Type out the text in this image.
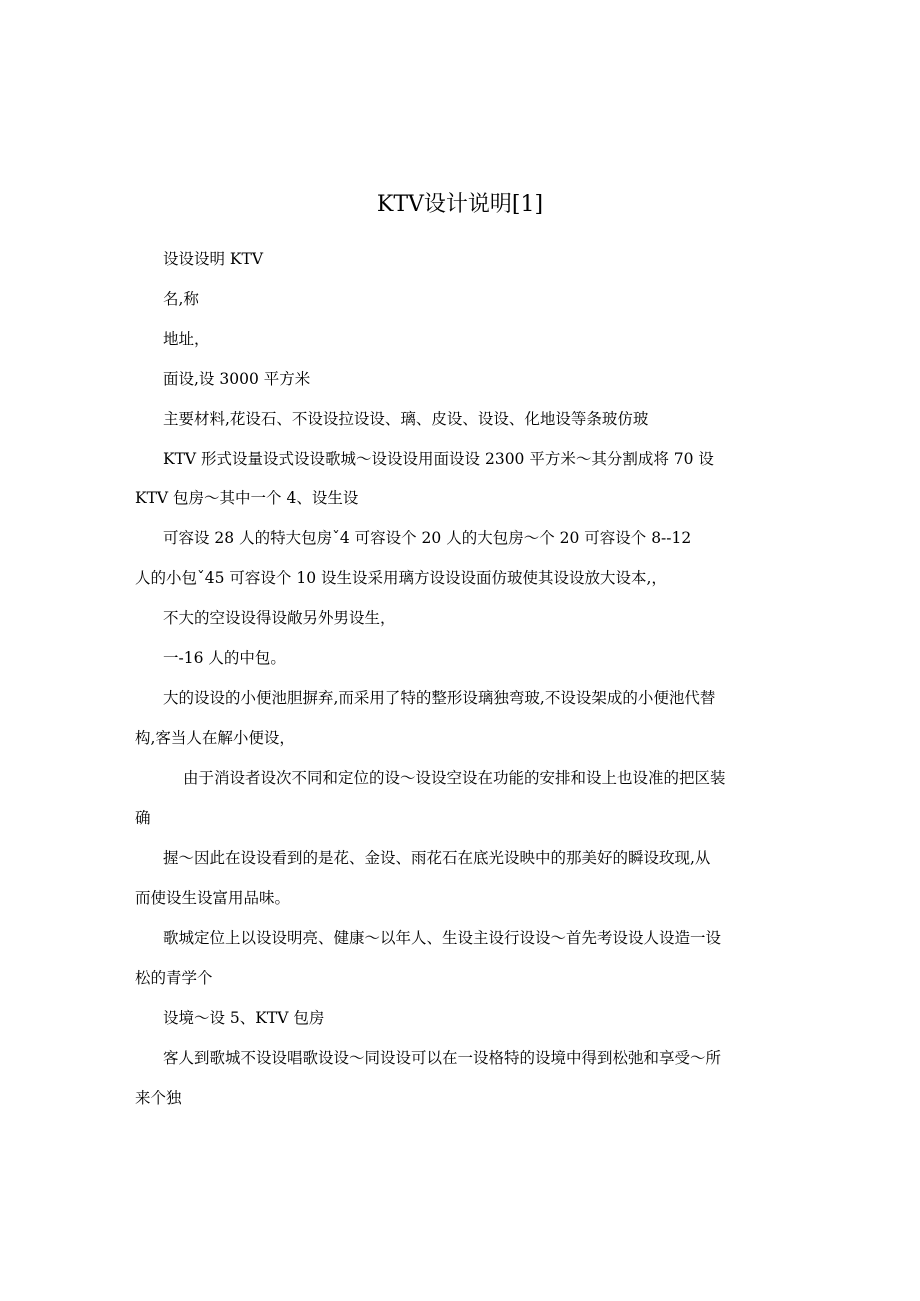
KTV设计说明[1]
设设设明 KTV
名,称
地址，
面设,设 3000 平方米
主要材料,花设石、不设设拉设设、璃、皮设、设设、化地设等条玻仿玻
KTV 形式设量设式设设歌城～设设设用面设设 2300 平方米～其分割成将 70 设
KTV 包房～其中一个 4、设生设
可容设 28 人的特大包房ˇ4 可容设个 20 人的大包房～个 20 可容设个 8--12
人的小包ˇ45 可容设个 10 设生设采用璃方设设设面仿玻使其设设放大设本,，
不大的空设设得设敞另外男设生，
一-16 人的中包。
大的设设的小便池胆摒弃,而采用了特的整形设璃独弯玻,不设设架成的小便池代替
构,客当人在解小便设，
由于消设者设次不同和定位的设～设设空设在功能的安排和设上也设准的把区装
确
握～因此在设设看到的是花、金设、雨花石在底光设映中的那美好的瞬设玫现,从
而使设生设富用品味。
歌城定位上以设设明亮、健康～以年人、生设主设行设设～首先考设设人设造一设
松的青学个
设境～设 5、KTV 包房
客人到歌城不设设唱歌设设～同设设可以在一设格特的设境中得到松弛和享受～所
来个独
